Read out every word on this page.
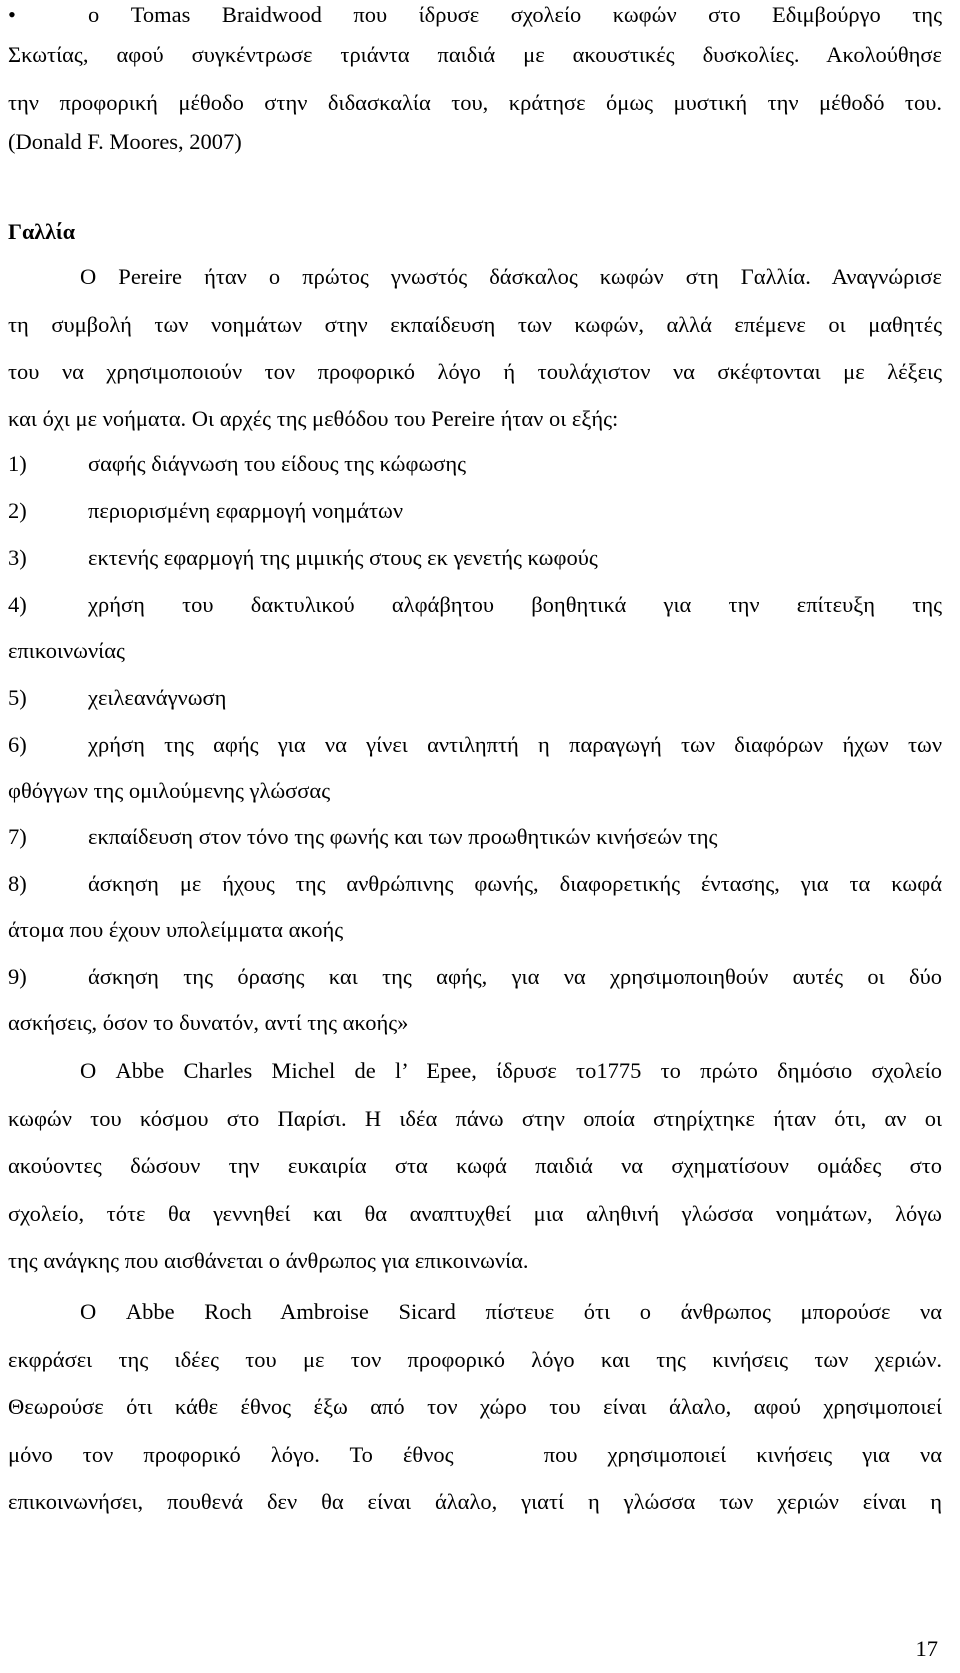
•	ο Tomas Braidwood που ίδρυσε σχολείο κωφών στο Εδιμβούργο της
Σκωτίας, αφού συγκέντρωσε τριάντα παιδιά με ακουστικές δυσκολίες. Ακολούθησε
την προφορική μέθοδο στην διδασκαλία του, κράτησε όμως μυστική την μέθοδό του.
(Donald F. Moores, 2007)
Γαλλία
Ο Pereire ήταν ο πρώτος γνωστός δάσκαλος κωφών στη Γαλλία. Αναγνώρισε
τη συμβολή των νοημάτων στην εκπαίδευση των κωφών, αλλά επέμενε οι μαθητές
του να χρησιμοποιούν τον προφορικό λόγο ή τουλάχιστον να σκέφτονται με λέξεις
και όχι με νοήματα. Οι αρχές της μεθόδου του Pereire ήταν οι εξής:
1)	σαφής διάγνωση του είδους της κώφωσης
2)	περιορισμένη εφαρμογή νοημάτων
3)	εκτενής εφαρμογή της μιμικής στους εκ γενετής κωφούς
4)	χρήση του δακτυλικού αλφάβητου βοηθητικά για την επίτευξη της
επικοινωνίας
5)	χειλεανάγνωση
6)	χρήση της αφής για να γίνει αντιληπτή η παραγωγή των διαφόρων ήχων των
φθόγγων της ομιλούμενης γλώσσας
7)	εκπαίδευση στον τόνο της φωνής και των προωθητικών κινήσεών της
8)	άσκηση με ήχους της ανθρώπινης φωνής, διαφορετικής έντασης, για τα κωφά
άτομα που έχουν υπολείμματα ακοής
9)	άσκηση της όρασης και της αφής, για να χρησιμοποιηθούν αυτές οι δύο
ασκήσεις, όσον το δυνατόν, αντί της ακοής»
Ο Abbe Charles Michel de l’ Epee, ίδρυσε το1775 το πρώτο δημόσιο σχολείο
κωφών του κόσμου στο Παρίσι. Η ιδέα πάνω στην οποία στηρίχτηκε ήταν ότι, αν οι
ακούοντες δώσουν την ευκαιρία στα κωφά παιδιά να σχηματίσουν ομάδες στο
σχολείο, τότε θα γεννηθεί και θα αναπτυχθεί μια αληθινή γλώσσα νοημάτων, λόγω
της ανάγκης που αισθάνεται ο άνθρωπος για επικοινωνία.
Ο Abbe Roch Ambroise Sicard πίστευε ότι ο άνθρωπος μπορούσε να
εκφράσει της ιδέες του με τον προφορικό λόγο και της κινήσεις των χεριών.
Θεωρούσε ότι κάθε έθνος έξω από τον χώρο του είναι άλαλο, αφού χρησιμοποιεί
μόνο τον προφορικό λόγο. Το έθνος   που χρησιμοποιεί κινήσεις για να
επικοινωνήσει, πουθενά δεν θα είναι άλαλο, γιατί η γλώσσα των χεριών είναι η
17
